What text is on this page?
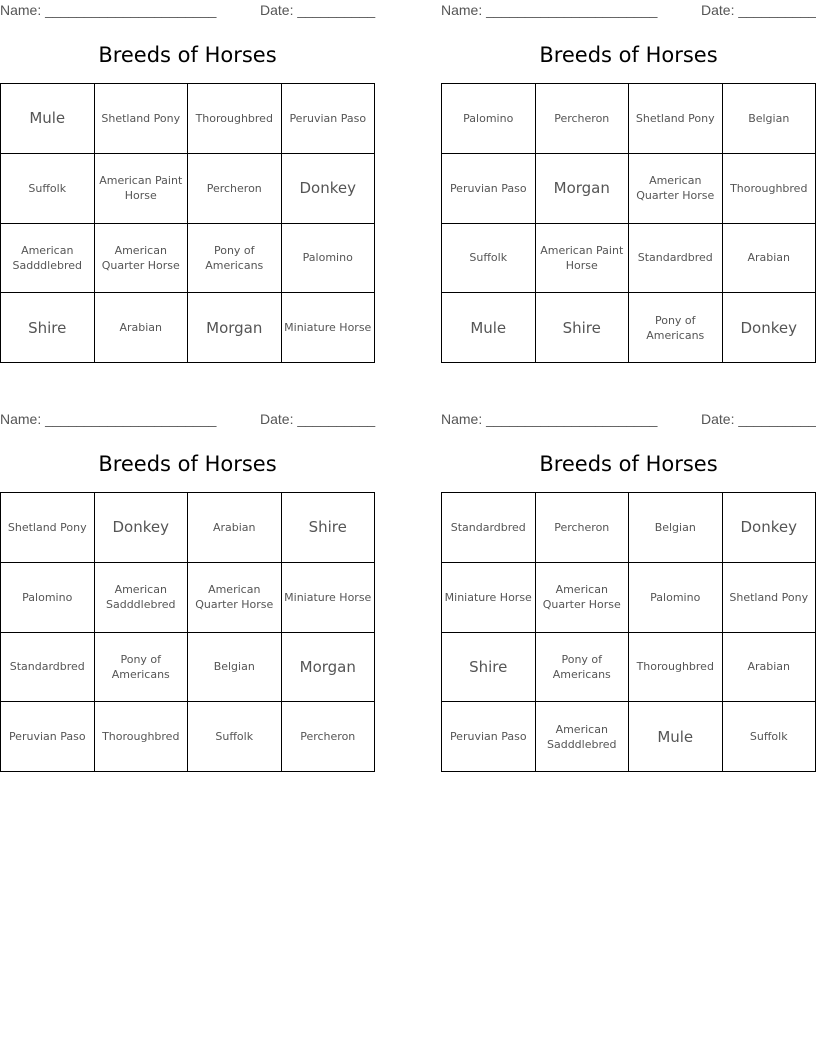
Name: ______________________	Date: __________
Breeds of Horses
Mule	Shetland Pony	Thoroughbred	Peruvian Paso
Suffolk	American Paint Horse	Percheron	Donkey
American Sadddlebred	American Quarter Horse	Pony of Americans	Palomino
Shire	Arabian	Morgan	Miniature Horse
Name: ______________________	Date: __________
Breeds of Horses
Palomino	Percheron	Shetland Pony	Belgian
Peruvian Paso	Morgan	American Quarter Horse	Thoroughbred
Suffolk	American Paint Horse	Standardbred	Arabian
Mule	Shire	Pony of Americans	Donkey
Name: ______________________	Date: __________
Breeds of Horses
Shetland Pony	Donkey	Arabian	Shire
Palomino	American Sadddlebred	American Quarter Horse	Miniature Horse
Standardbred	Pony of Americans	Belgian	Morgan
Peruvian Paso	Thoroughbred	Suffolk	Percheron
Name: ______________________	Date: __________
Breeds of Horses
Standardbred	Percheron	Belgian	Donkey
Miniature Horse	American Quarter Horse	Palomino	Shetland Pony
Shire	Pony of Americans	Thoroughbred	Arabian
Peruvian Paso	American Sadddlebred	Mule	Suffolk
